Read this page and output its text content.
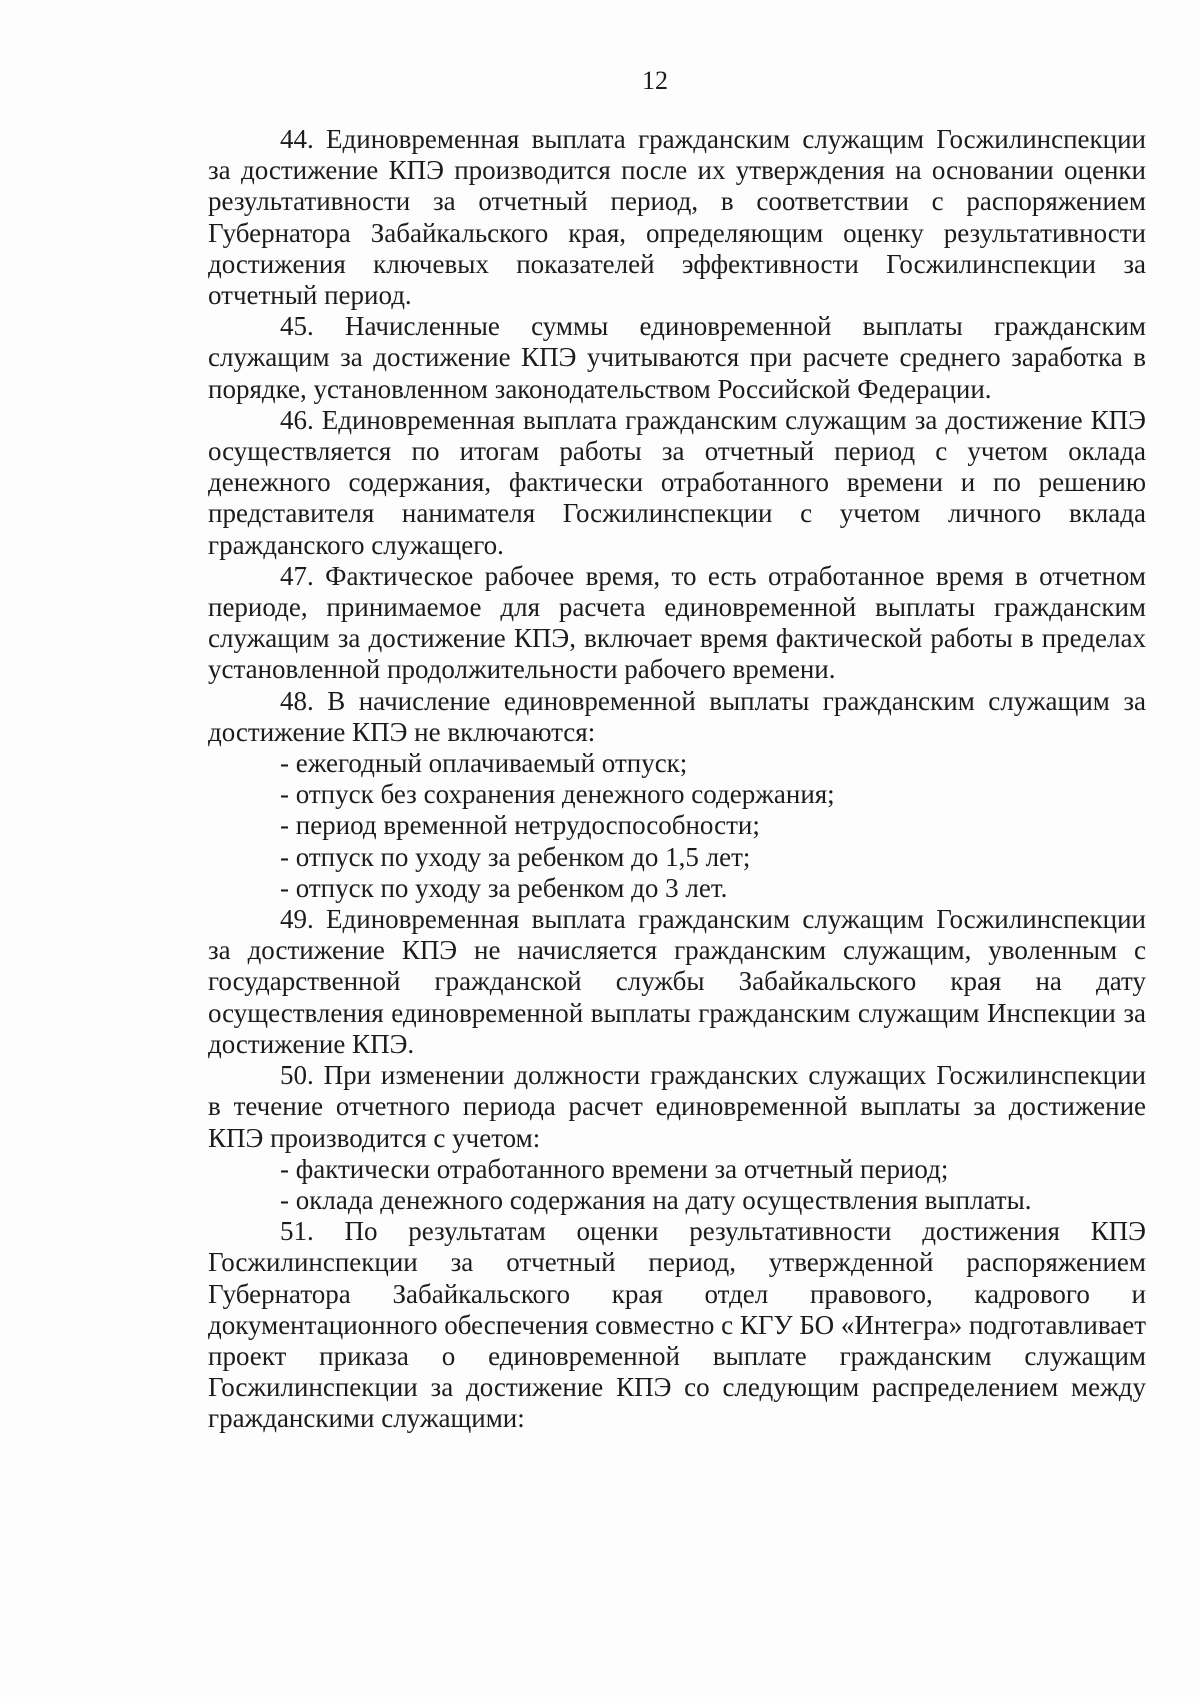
12

44. Единовременная выплата гражданским служащим Госжилинспекции за достижение КПЭ производится после их утверждения на основании оценки результативности за отчетный период, в соответствии с распоряжением Губернатора Забайкальского края, определяющим оценку результативности достижения ключевых показателей эффективности Госжилинспекции за отчетный период.

45. Начисленные суммы единовременной выплаты гражданским служащим за достижение КПЭ учитываются при расчете среднего заработка в порядке, установленном законодательством Российской Федерации.

46. Единовременная выплата гражданским служащим за достижение КПЭ осуществляется по итогам работы за отчетный период с учетом оклада денежного содержания, фактически отработанного времени и по решению представителя нанимателя Госжилинспекции с учетом личного вклада гражданского служащего.

47. Фактическое рабочее время, то есть отработанное время в отчетном периоде, принимаемое для расчета единовременной выплаты гражданским служащим за достижение КПЭ, включает время фактической работы в пределах установленной продолжительности рабочего времени.

48. В начисление единовременной выплаты гражданским служащим за достижение КПЭ не включаются:

- ежегодный оплачиваемый отпуск;

- отпуск без сохранения денежного содержания;

- период временной нетрудоспособности;

- отпуск по уходу за ребенком до 1,5 лет;

- отпуск по уходу за ребенком до 3 лет.

49. Единовременная выплата гражданским служащим Госжилинспекции за достижение КПЭ не начисляется гражданским служащим, уволенным с государственной гражданской службы Забайкальского края на дату осуществления единовременной выплаты гражданским служащим Инспекции за достижение КПЭ.

50. При изменении должности гражданских служащих Госжилинспекции в течение отчетного периода расчет единовременной выплаты за достижение КПЭ производится с учетом:

- фактически отработанного времени за отчетный период;

- оклада денежного содержания на дату осуществления выплаты.

51. По результатам оценки результативности достижения КПЭ Госжилинспекции за отчетный период, утвержденной распоряжением Губернатора Забайкальского края отдел правового, кадрового и документационного обеспечения совместно с КГУ БО «Интегра» подготавливает проект приказа о единовременной выплате гражданским служащим Госжилинспекции за достижение КПЭ со следующим распределением между гражданскими служащими:
